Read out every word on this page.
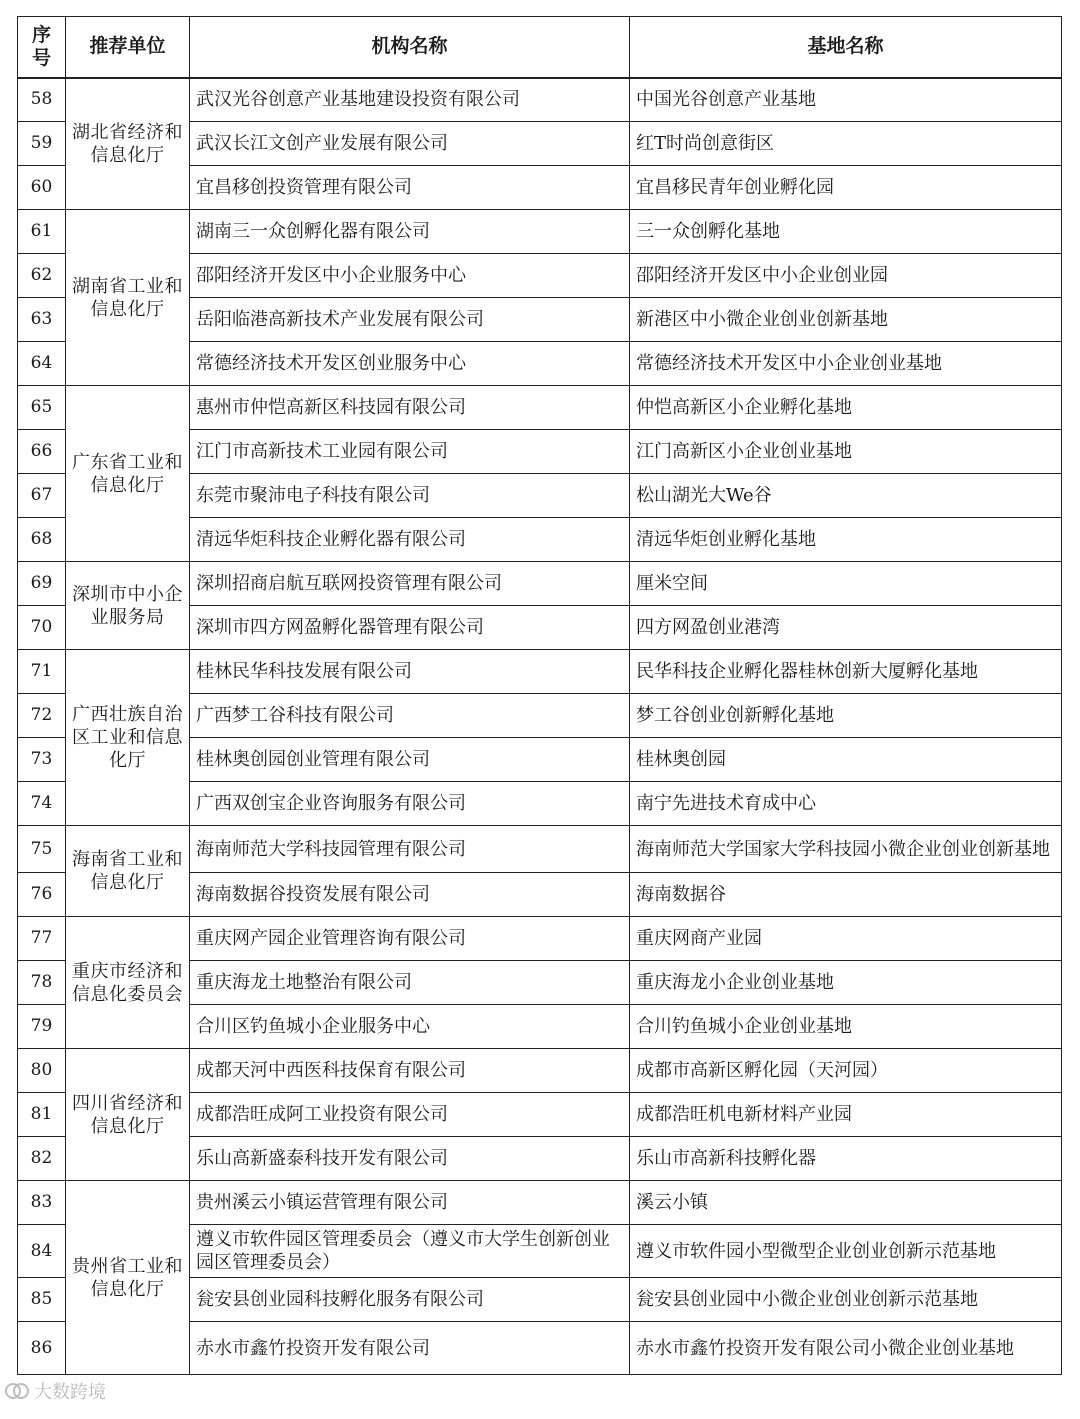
序号	推荐单位	机构名称	基地名称
58	湖北省经济和信息化厅	武汉光谷创意产业基地建设投资有限公司	中国光谷创意产业基地
59		武汉长江文创产业发展有限公司	红T时尚创意街区
60		宜昌移创投资管理有限公司	宜昌移民青年创业孵化园
61	湖南省工业和信息化厅	湖南三一众创孵化器有限公司	三一众创孵化基地
62		邵阳经济开发区中小企业服务中心	邵阳经济开发区中小企业创业园
63		岳阳临港高新技术产业发展有限公司	新港区中小微企业创业创新基地
64		常德经济技术开发区创业服务中心	常德经济技术开发区中小企业创业基地
65	广东省工业和信息化厅	惠州市仲恺高新区科技园有限公司	仲恺高新区小企业孵化基地
66		江门市高新技术工业园有限公司	江门高新区小企业创业基地
67		东莞市聚沛电子科技有限公司	松山湖光大We谷
68		清远华炬科技企业孵化器有限公司	清远华炬创业孵化基地
69	深圳市中小企业服务局	深圳招商启航互联网投资管理有限公司	厘米空间
70		深圳市四方网盈孵化器管理有限公司	四方网盈创业港湾
71	广西壮族自治区工业和信息化厅	桂林民华科技发展有限公司	民华科技企业孵化器桂林创新大厦孵化基地
72		广西梦工谷科技有限公司	梦工谷创业创新孵化基地
73		桂林奥创园创业管理有限公司	桂林奥创园
74		广西双创宝企业咨询服务有限公司	南宁先进技术育成中心
75	海南省工业和信息化厅	海南师范大学科技园管理有限公司	海南师范大学国家大学科技园小微企业创业创新基地
76		海南数据谷投资发展有限公司	海南数据谷
77	重庆市经济和信息化委员会	重庆网产园企业管理咨询有限公司	重庆网商产业园
78		重庆海龙土地整治有限公司	重庆海龙小企业创业基地
79		合川区钓鱼城小企业服务中心	合川钓鱼城小企业创业基地
80	四川省经济和信息化厅	成都天河中西医科技保育有限公司	成都市高新区孵化园（天河园）
81		成都浩旺成阿工业投资有限公司	成都浩旺机电新材料产业园
82		乐山高新盛泰科技开发有限公司	乐山市高新科技孵化器
83	贵州省工业和信息化厅	贵州溪云小镇运营管理有限公司	溪云小镇
84		遵义市软件园区管理委员会（遵义市大学生创新创业园区管理委员会）	遵义市软件园小型微型企业创业创新示范基地
85		瓮安县创业园科技孵化服务有限公司	瓮安县创业园中小微企业创业创新示范基地
86		赤水市鑫竹投资开发有限公司	赤水市鑫竹投资开发有限公司小微企业创业基地
大数跨境
